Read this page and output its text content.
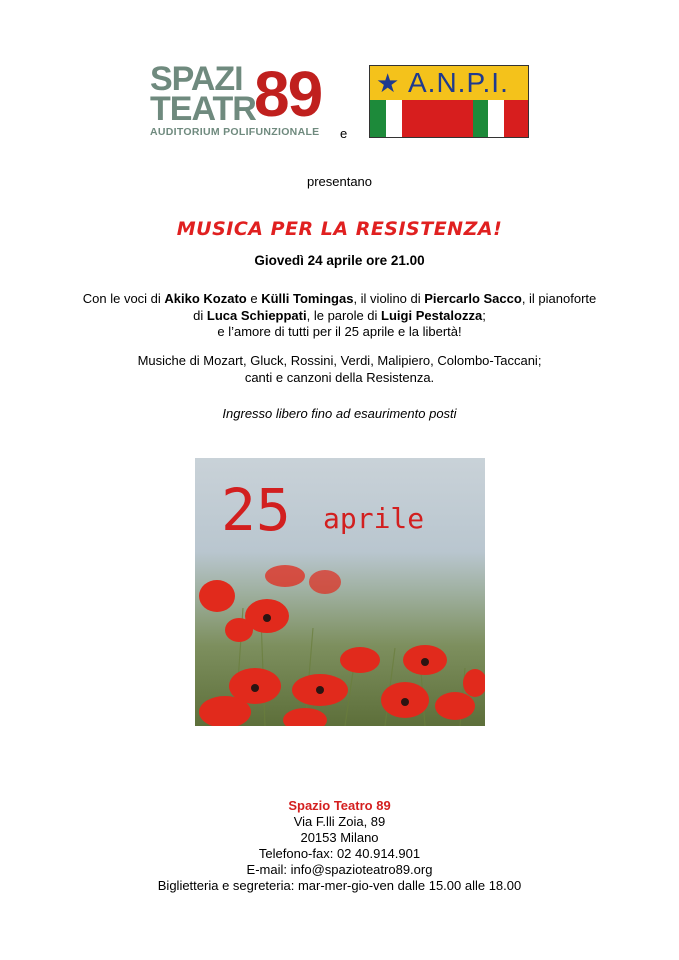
SPAZI
TEATR
89
AUDITORIUM POLIFUNZIONALE e
★ A.N.P.I.
presentano
MUSICA PER LA RESISTENZA!
Giovedì 24 aprile ore 21.00
Con le voci di Akiko Kozato e Külli Tomingas, il violino di Piercarlo Sacco, il pianoforte
di Luca Schieppati, le parole di Luigi Pestalozza;
e l’amore di tutti per il 25 aprile e la libertà!
Musiche di Mozart, Gluck, Rossini, Verdi, Malipiero, Colombo-Taccani;
canti e canzoni della Resistenza.
Ingresso libero fino ad esaurimento posti
25 aprile
Spazio Teatro 89
Via F.lli Zoia, 89
20153 Milano
Telefono-fax: 02 40.914.901
E-mail: info@spazioteatro89.org
Biglietteria e segreteria: mar-mer-gio-ven dalle 15.00 alle 18.00
